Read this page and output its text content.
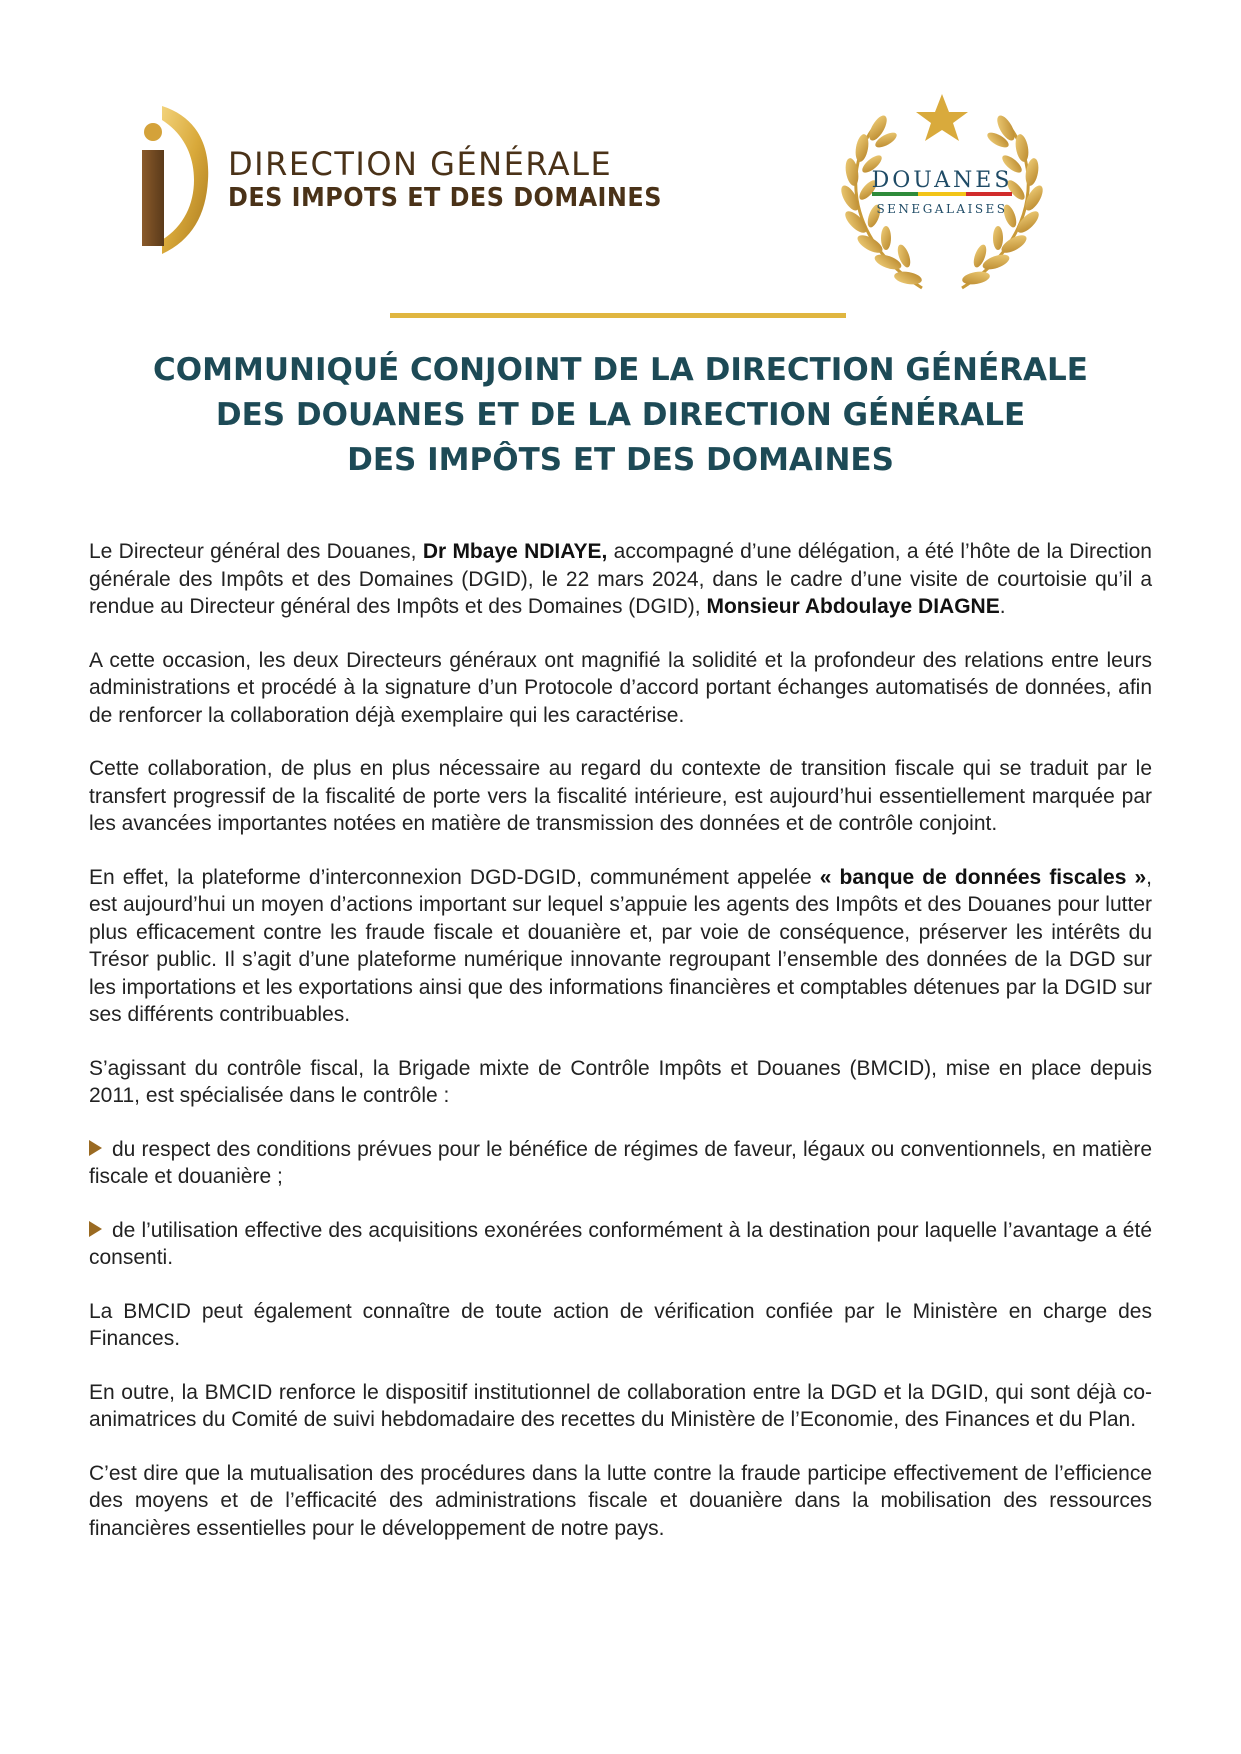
DIRECTION GÉNÉRALE
DES IMPOTS ET DES DOMAINES
DOUANES
SENEGALAISES
COMMUNIQUÉ CONJOINT DE LA DIRECTION GÉNÉRALE
DES DOUANES ET DE LA DIRECTION GÉNÉRALE
DES IMPÔTS ET DES DOMAINES

Le Directeur général des Douanes, Dr Mbaye NDIAYE, accompagné d’une délégation, a été l’hôte de la Direction générale des Impôts et des Domaines (DGID), le 22 mars 2024, dans le cadre d’une visite de courtoisie qu’il a rendue au Directeur général des Impôts et des Domaines (DGID), Monsieur Abdoulaye DIAGNE.

A cette occasion, les deux Directeurs généraux ont magnifié la solidité et la profondeur des relations entre leurs administrations et procédé à la signature d’un Protocole d’accord portant échanges automatisés de données, afin de renforcer la collaboration déjà exemplaire qui les caractérise.

Cette collaboration, de plus en plus nécessaire au regard du contexte de transition fiscale qui se traduit par le transfert progressif de la fiscalité de porte vers la fiscalité intérieure, est aujourd’hui essentiellement marquée par les avancées importantes notées en matière de transmission des données et de contrôle conjoint.

En effet, la plateforme d’interconnexion DGD-DGID, communément appelée « banque de données fiscales », est aujourd’hui un moyen d’actions important sur lequel s’appuie les agents des Impôts et des Douanes pour lutter plus efficacement contre les fraude fiscale et douanière et, par voie de conséquence, préserver les intérêts du Trésor public. Il s’agit d’une plateforme numérique innovante regroupant l’ensemble des données de la DGD sur les importations et les exportations ainsi que des informations financières et comptables détenues par la DGID sur ses différents contribuables.

S’agissant du contrôle fiscal, la Brigade mixte de Contrôle Impôts et Douanes (BMCID), mise en place depuis 2011, est spécialisée dans le contrôle :

du respect des conditions prévues pour le bénéfice de régimes de faveur, légaux ou conventionnels, en matière fiscale et douanière ;

de l’utilisation effective des acquisitions exonérées conformément à la destination pour laquelle l’avantage a été consenti.

La BMCID peut également connaître de toute action de vérification confiée par le Ministère en charge des Finances.

En outre, la BMCID renforce le dispositif institutionnel de collaboration entre la DGD et la DGID, qui sont déjà co-animatrices du Comité de suivi hebdomadaire des recettes du Ministère de l’Economie, des Finances et du Plan.

C’est dire que la mutualisation des procédures dans la lutte contre la fraude participe effectivement de l’efficience des moyens et de l’efficacité des administrations fiscale et douanière dans la mobilisation des ressources financières essentielles pour le développement de notre pays.
